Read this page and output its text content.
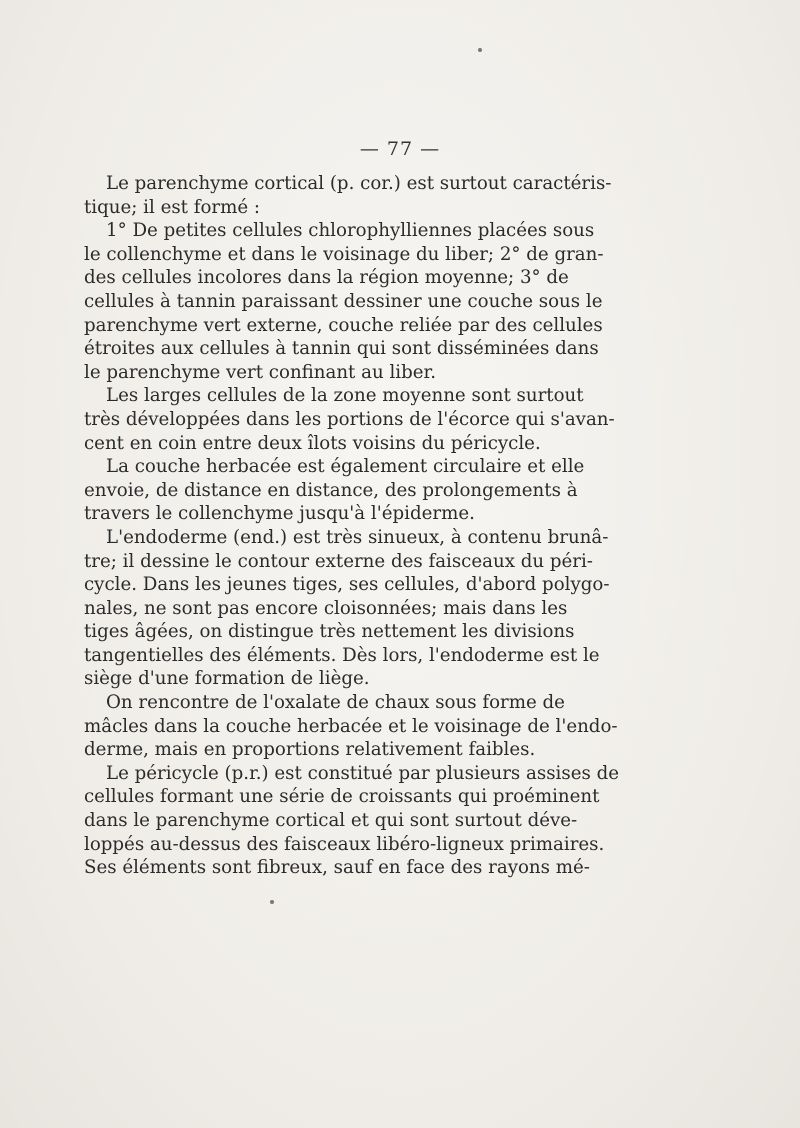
— 77 —
Le parenchyme cortical (p. cor.) est surtout caractéris-
tique; il est formé :
1° De petites cellules chlorophylliennes placées sous
le collenchyme et dans le voisinage du liber; 2° de gran-
des cellules incolores dans la région moyenne; 3° de
cellules à tannin paraissant dessiner une couche sous le
parenchyme vert externe, couche reliée par des cellules
étroites aux cellules à tannin qui sont disséminées dans
le parenchyme vert confinant au liber.
Les larges cellules de la zone moyenne sont surtout
très développées dans les portions de l'écorce qui s'avan-
cent en coin entre deux îlots voisins du péricycle.
La couche herbacée est également circulaire et elle
envoie, de distance en distance, des prolongements à
travers le collenchyme jusqu'à l'épiderme.
L'endoderme (end.) est très sinueux, à contenu brunâ-
tre; il dessine le contour externe des faisceaux du péri-
cycle. Dans les jeunes tiges, ses cellules, d'abord polygo-
nales, ne sont pas encore cloisonnées; mais dans les
tiges âgées, on distingue très nettement les divisions
tangentielles des éléments. Dès lors, l'endoderme est le
siège d'une formation de liège.
On rencontre de l'oxalate de chaux sous forme de
mâcles dans la couche herbacée et le voisinage de l'endo-
derme, mais en proportions relativement faibles.
Le péricycle (p.r.) est constitué par plusieurs assises de
cellules formant une série de croissants qui proéminent
dans le parenchyme cortical et qui sont surtout déve-
loppés au-dessus des faisceaux libéro-ligneux primaires.
Ses éléments sont fibreux, sauf en face des rayons mé-
